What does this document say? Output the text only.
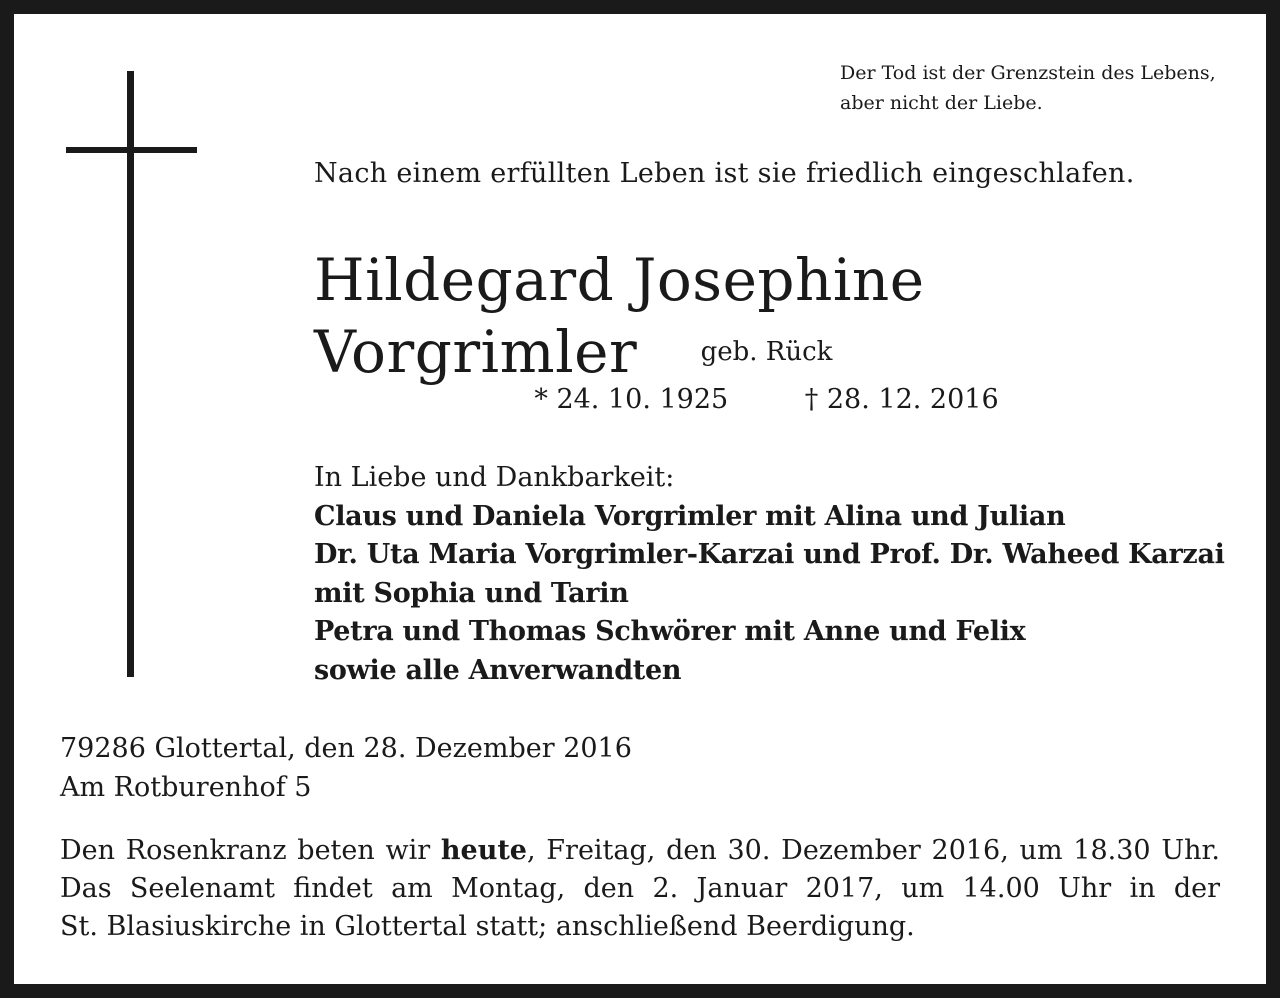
Der Tod ist der Grenzstein des Lebens,
aber nicht der Liebe.
Nach einem erfüllten Leben ist sie friedlich eingeschlafen.
Hildegard Josephine Vorgrimler	geb. Rück
* 24. 10. 1925	† 28. 12. 2016
In Liebe und Dankbarkeit:
Claus und Daniela Vorgrimler mit Alina und Julian
Dr. Uta Maria Vorgrimler-Karzai und Prof. Dr. Waheed Karzai
mit Sophia und Tarin
Petra und Thomas Schwörer mit Anne und Felix
sowie alle Anverwandten
79286 Glottertal, den 28. Dezember 2016
Am Rotburenhof 5
Den Rosenkranz beten wir heute, Freitag, den 30. Dezember 2016, um 18.30 Uhr.
Das Seelenamt findet am Montag, den 2. Januar 2017, um 14.00 Uhr in der
St. Blasiuskirche in Glottertal statt; anschließend Beerdigung.
